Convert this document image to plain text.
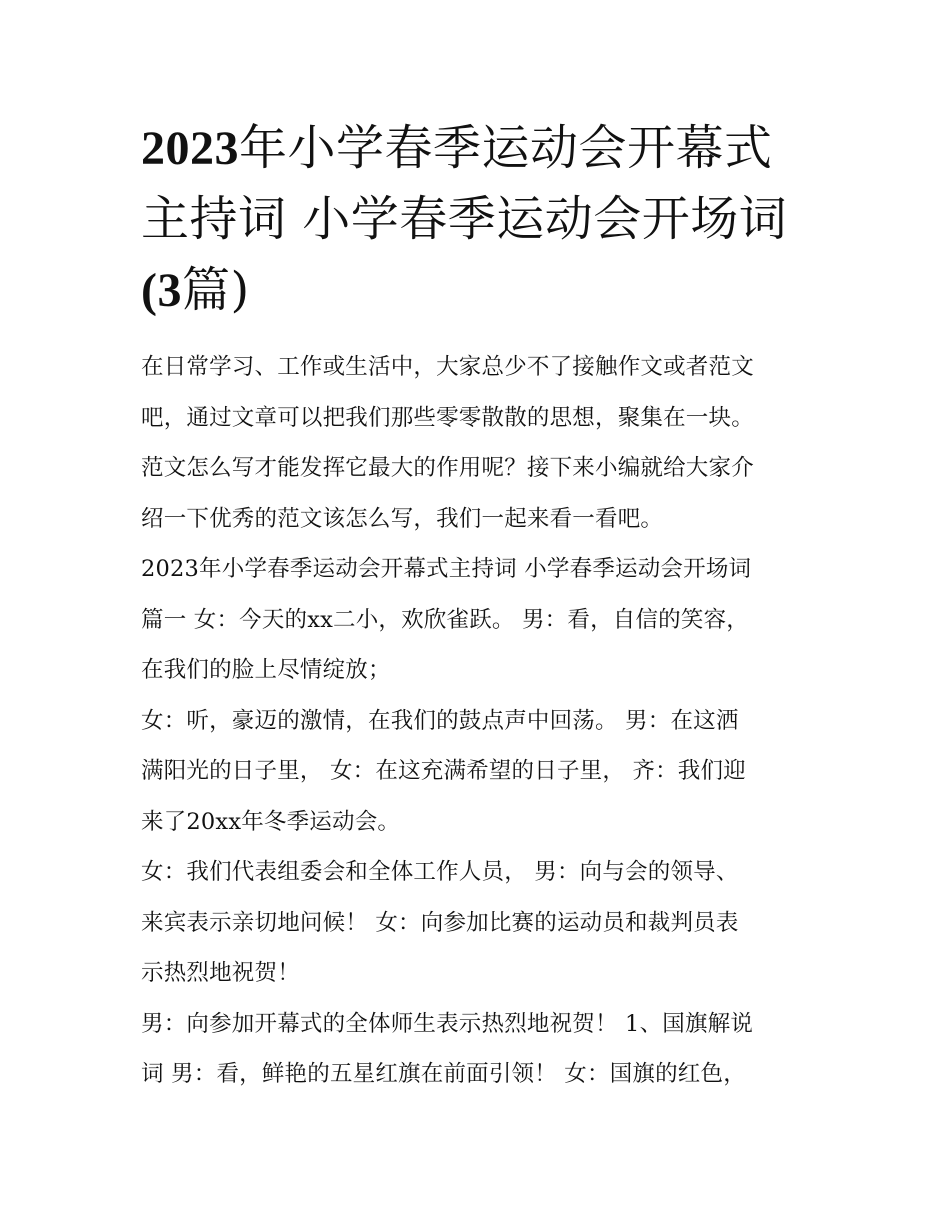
2023年小学春季运动会开幕式
主持词 小学春季运动会开场词
(3篇)

在日常学习、工作或生活中，大家总少不了接触作文或者范文
吧，通过文章可以把我们那些零零散散的思想，聚集在一块。
范文怎么写才能发挥它最大的作用呢？接下来小编就给大家介
绍一下优秀的范文该怎么写，我们一起来看一看吧。

2023年小学春季运动会开幕式主持词 小学春季运动会开场词
篇一 女：今天的xx二小，欢欣雀跃。 男：看，自信的笑容，
在我们的脸上尽情绽放；

女：听，豪迈的激情，在我们的鼓点声中回荡。 男：在这洒
满阳光的日子里， 女：在这充满希望的日子里， 齐：我们迎
来了20xx年冬季运动会。

女：我们代表组委会和全体工作人员， 男：向与会的领导、
来宾表示亲切地问候！ 女：向参加比赛的运动员和裁判员表
示热烈地祝贺！

男：向参加开幕式的全体师生表示热烈地祝贺！ 1、国旗解说
词 男：看，鲜艳的五星红旗在前面引领！ 女：国旗的红色，
